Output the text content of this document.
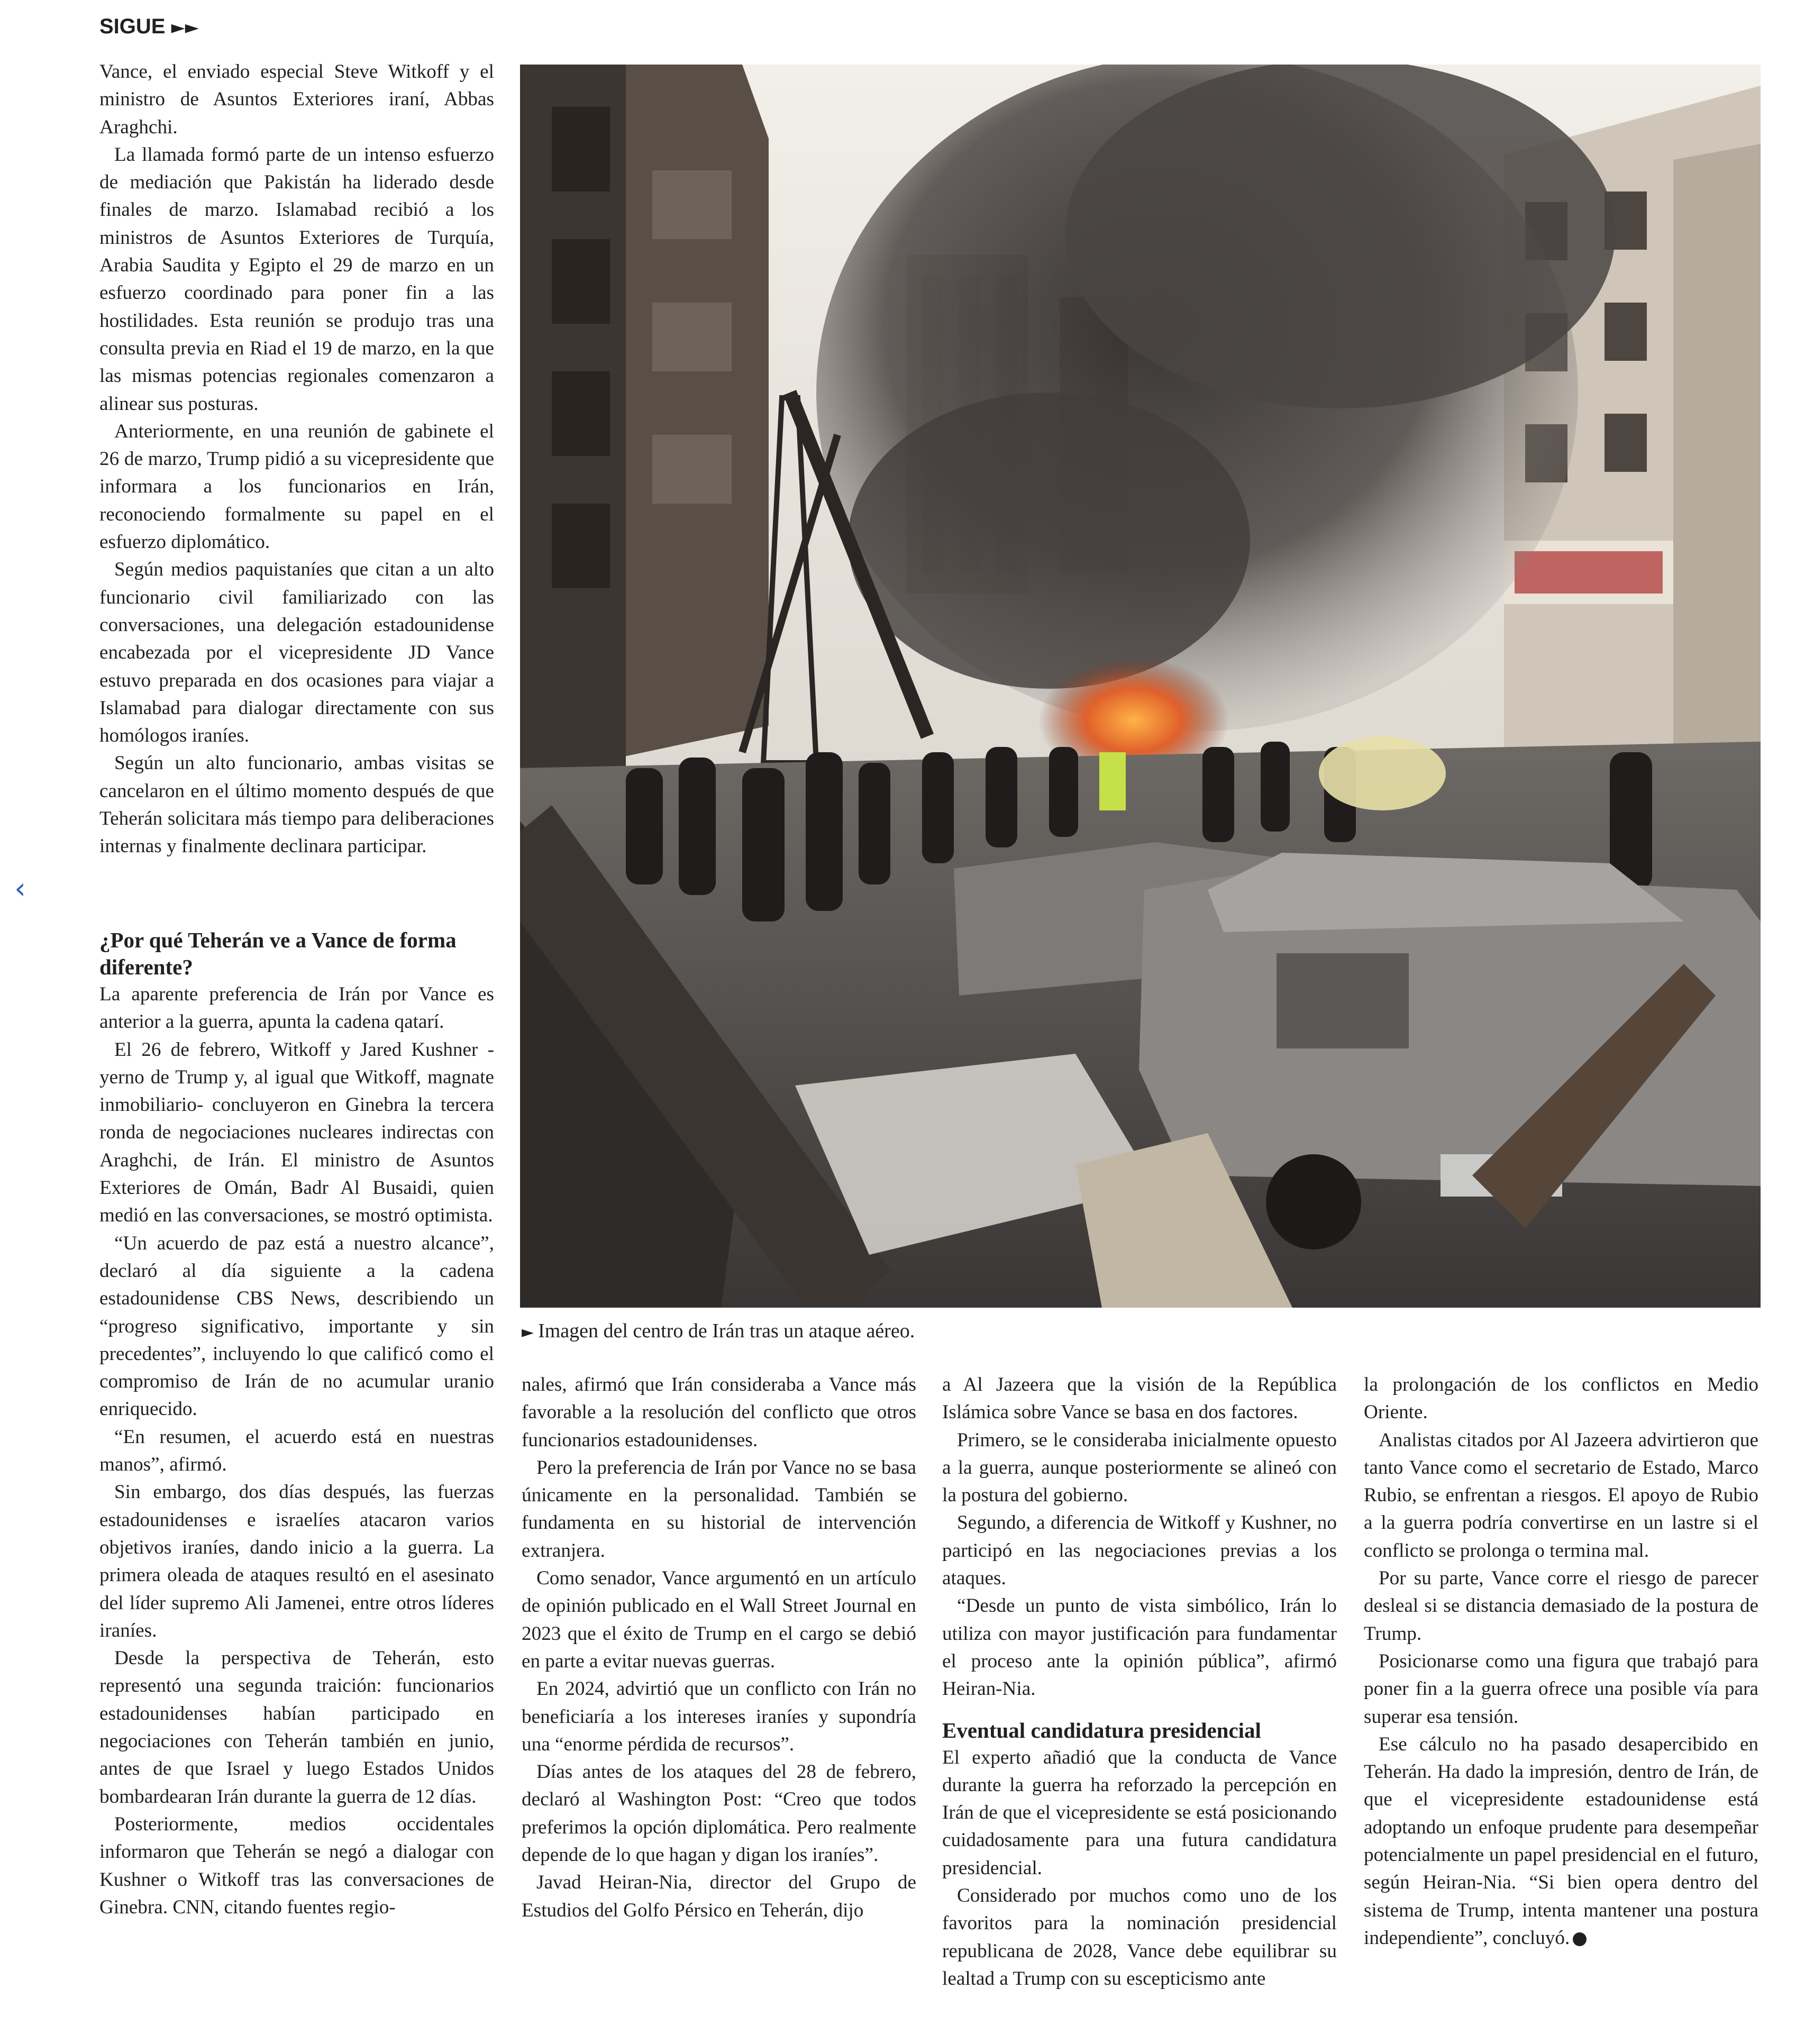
‹
SIGUE ►►

Vance, el enviado especial Steve Witkoff y el ministro de Asuntos Exteriores iraní, Abbas Araghchi.

La llamada formó parte de un intenso esfuerzo de mediación que Pakistán ha liderado desde finales de marzo. Islamabad recibió a los ministros de Asuntos Exteriores de Turquía, Arabia Saudita y Egipto el 29 de marzo en un esfuerzo coordinado para poner fin a las hostilidades. Esta reunión se produjo tras una consulta previa en Riad el 19 de marzo, en la que las mismas potencias regionales comenzaron a alinear sus posturas.

Anteriormente, en una reunión de gabinete el 26 de marzo, Trump pidió a su vicepresidente que informara a los funcionarios en Irán, reconociendo formalmente su papel en el esfuerzo diplomático.

Según medios paquistaníes que citan a un alto funcionario civil familiarizado con las conversaciones, una delegación estadounidense encabezada por el vicepresidente JD Vance estuvo preparada en dos ocasiones para viajar a Islamabad para dialogar directamente con sus homólogos iraníes.

Según un alto funcionario, ambas visitas se cancelaron en el último momento después de que Teherán solicitara más tiempo para deliberaciones internas y finalmente declinara participar.

¿Por qué Teherán ve a Vance de forma diferente?

La aparente preferencia de Irán por Vance es anterior a la guerra, apunta la cadena qatarí.

El 26 de febrero, Witkoff y Jared Kushner -yerno de Trump y, al igual que Witkoff, magnate inmobiliario- concluyeron en Ginebra la tercera ronda de negociaciones nucleares indirectas con Araghchi, de Irán. El ministro de Asuntos Exteriores de Omán, Badr Al Busaidi, quien medió en las conversaciones, se mostró optimista.

“Un acuerdo de paz está a nuestro alcance”, declaró al día siguiente a la cadena estadounidense CBS News, describiendo un “progreso significativo, importante y sin precedentes”, incluyendo lo que calificó como el compromiso de Irán de no acumular uranio enriquecido.

“En resumen, el acuerdo está en nuestras manos”, afirmó.

Sin embargo, dos días después, las fuerzas estadounidenses e israelíes atacaron varios objetivos iraníes, dando inicio a la guerra. La primera oleada de ataques resultó en el asesinato del líder supremo Ali Jamenei, entre otros líderes iraníes.

Desde la perspectiva de Teherán, esto representó una segunda traición: funcionarios estadounidenses habían participado en negociaciones con Teherán también en junio, antes de que Israel y luego Estados Unidos bombardearan Irán durante la guerra de 12 días.

Posteriormente, medios occidentales informaron que Teherán se negó a dialogar con Kushner o Witkoff tras las conversaciones de Ginebra. CNN, citando fuentes regio-

► Imagen del centro de Irán tras un ataque aéreo.

nales, afirmó que Irán consideraba a Vance más favorable a la resolución del conflicto que otros funcionarios estadounidenses.

Pero la preferencia de Irán por Vance no se basa únicamente en la personalidad. También se fundamenta en su historial de intervención extranjera.

Como senador, Vance argumentó en un artículo de opinión publicado en el Wall Street Journal en 2023 que el éxito de Trump en el cargo se debió en parte a evitar nuevas guerras.

En 2024, advirtió que un conflicto con Irán no beneficiaría a los intereses iraníes y supondría una “enorme pérdida de recursos”.

Días antes de los ataques del 28 de febrero, declaró al Washington Post: “Creo que todos preferimos la opción diplomática. Pero realmente depende de lo que hagan y digan los iraníes”.

Javad Heiran-Nia, director del Grupo de Estudios del Golfo Pérsico en Teherán, dijo

a Al Jazeera que la visión de la República Islámica sobre Vance se basa en dos factores.

Primero, se le consideraba inicialmente opuesto a la guerra, aunque posteriormente se alineó con la postura del gobierno.

Segundo, a diferencia de Witkoff y Kushner, no participó en las negociaciones previas a los ataques.

“Desde un punto de vista simbólico, Irán lo utiliza con mayor justificación para fundamentar el proceso ante la opinión pública”, afirmó Heiran-Nia.

Eventual candidatura presidencial

El experto añadió que la conducta de Vance durante la guerra ha reforzado la percepción en Irán de que el vicepresidente se está posicionando cuidadosamente para una futura candidatura presidencial.

Considerado por muchos como uno de los favoritos para la nominación presidencial republicana de 2028, Vance debe equilibrar su lealtad a Trump con su escepticismo ante

la prolongación de los conflictos en Medio Oriente.

Analistas citados por Al Jazeera advirtieron que tanto Vance como el secretario de Estado, Marco Rubio, se enfrentan a riesgos. El apoyo de Rubio a la guerra podría convertirse en un lastre si el conflicto se prolonga o termina mal.

Por su parte, Vance corre el riesgo de parecer desleal si se distancia demasiado de la postura de Trump.

Posicionarse como una figura que trabajó para poner fin a la guerra ofrece una posible vía para superar esa tensión.

Ese cálculo no ha pasado desapercibido en Teherán. Ha dado la impresión, dentro de Irán, de que el vicepresidente estadounidense está adoptando un enfoque prudente para desempeñar potencialmente un papel presidencial en el futuro, según Heiran-Nia. “Si bien opera dentro del sistema de Trump, intenta mantener una postura independiente”, concluyó.
